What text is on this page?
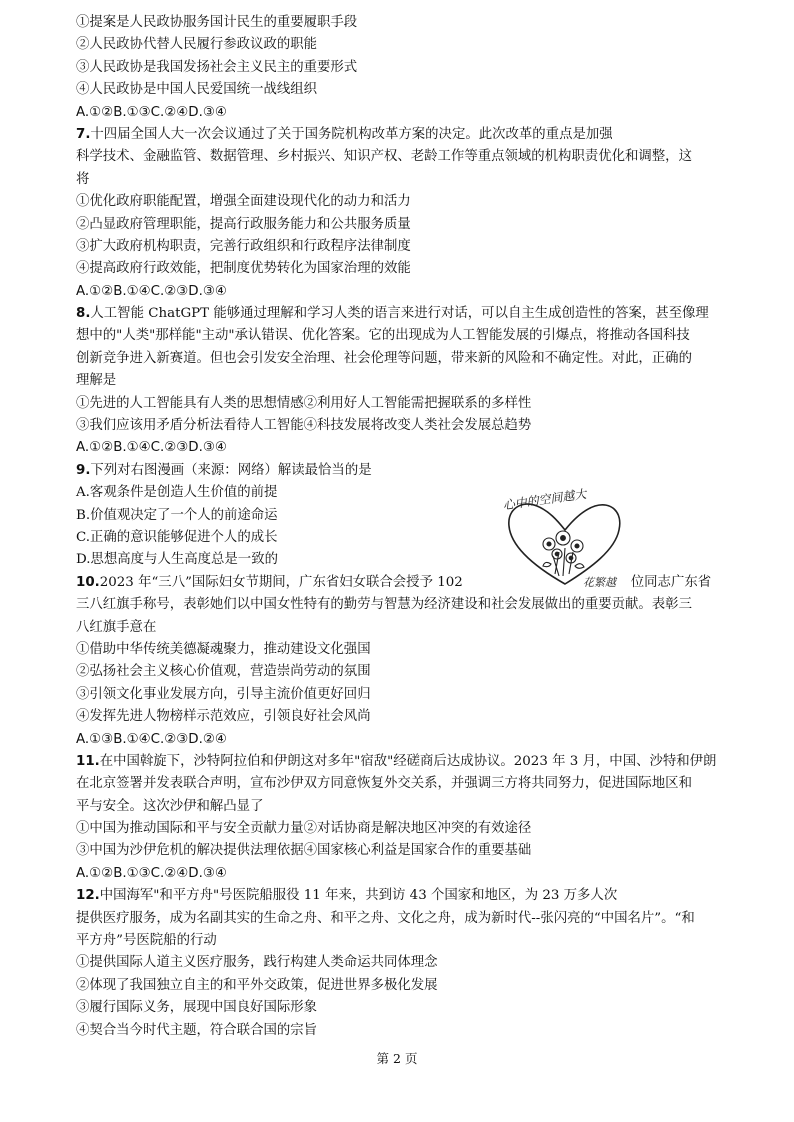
①提案是人民政协服务国计民生的重要履职手段
②人民政协代替人民履行参政议政的职能
③人民政协是我国发扬社会主义民主的重要形式
④人民政协是中国人民爱国统一战线组织
A.①②B.①③C.②④D.③④
7.十四届全国人大一次会议通过了关于国务院机构改革方案的决定。此次改革的重点是加强
科学技术、金融监管、数据管理、乡村振兴、知识产权、老龄工作等重点领域的机构职责优化和调整，这
将
①优化政府职能配置，增强全面建设现代化的动力和活力
②凸显政府管理职能，提高行政服务能力和公共服务质量
③扩大政府机构职责，完善行政组织和行政程序法律制度
④提高政府行政效能，把制度优势转化为国家治理的效能
A.①②B.①④C.②③D.③④
8.人工智能 ChatGPT 能够通过理解和学习人类的语言来进行对话，可以自主生成创造性的答案，甚至像理
想中的"人类"那样能"主动"承认错误、优化答案。它的出现成为人工智能发展的引爆点，将推动各国科技
创新竞争进入新赛道。但也会引发安全治理、社会伦理等问题，带来新的风险和不确定性。对此，正确的
理解是
①先进的人工智能具有人类的思想情感②利用好人工智能需把握联系的多样性
③我们应该用矛盾分析法看待人工智能④科技发展将改变人类社会发展总趋势
A.①②B.①④C.②③D.③④
9.下列对右图漫画（来源：网络）解读最恰当的是
A.客观条件是创造人生价值的前提
B.价值观决定了一个人的前途命运
C.正确的意识能够促进个人的成长
D.思想高度与人生高度总是一致的
10.2023 年“三八”国际妇女节期间，广东省妇女联合会授予 102	位同志广东省
三八红旗手称号，表彰她们以中国女性特有的勤劳与智慧为经济建设和社会发展做出的重要贡献。表彰三
八红旗手意在
①借助中华传统美德凝魂聚力，推动建设文化强国
②弘扬社会主义核心价值观，营造崇尚劳动的氛围
③引领文化事业发展方向，引导主流价值更好回归
④发挥先进人物榜样示范效应，引领良好社会风尚
A.①③B.①④C.②③D.②④
11.在中国斡旋下，沙特阿拉伯和伊朗这对多年"宿敌"经磋商后达成协议。2023 年 3 月，中国、沙特和伊朗
在北京签署并发表联合声明，宣布沙伊双方同意恢复外交关系，并强调三方将共同努力，促进国际地区和
平与安全。这次沙伊和解凸显了
①中国为推动国际和平与安全贡献力量②对话协商是解决地区冲突的有效途径
③中国为沙伊危机的解决提供法理依据④国家核心利益是国家合作的重要基础
A.①②B.①③C.②④D.③④
12.中国海军"和平方舟"号医院船服役 11 年来，共到访 43 个国家和地区，为 23 万多人次
提供医疗服务，成为名副其实的生命之舟、和平之舟、文化之舟，成为新时代--张闪亮的“中国名片”。“和
平方舟”号医院船的行动
①提供国际人道主义医疗服务，践行构建人类命运共同体理念
②体现了我国独立自主的和平外交政策，促进世界多极化发展
③履行国际义务，展现中国良好国际形象
④契合当今时代主题，符合联合国的宗旨
心中的空间越大
花繁越
第 2 页
